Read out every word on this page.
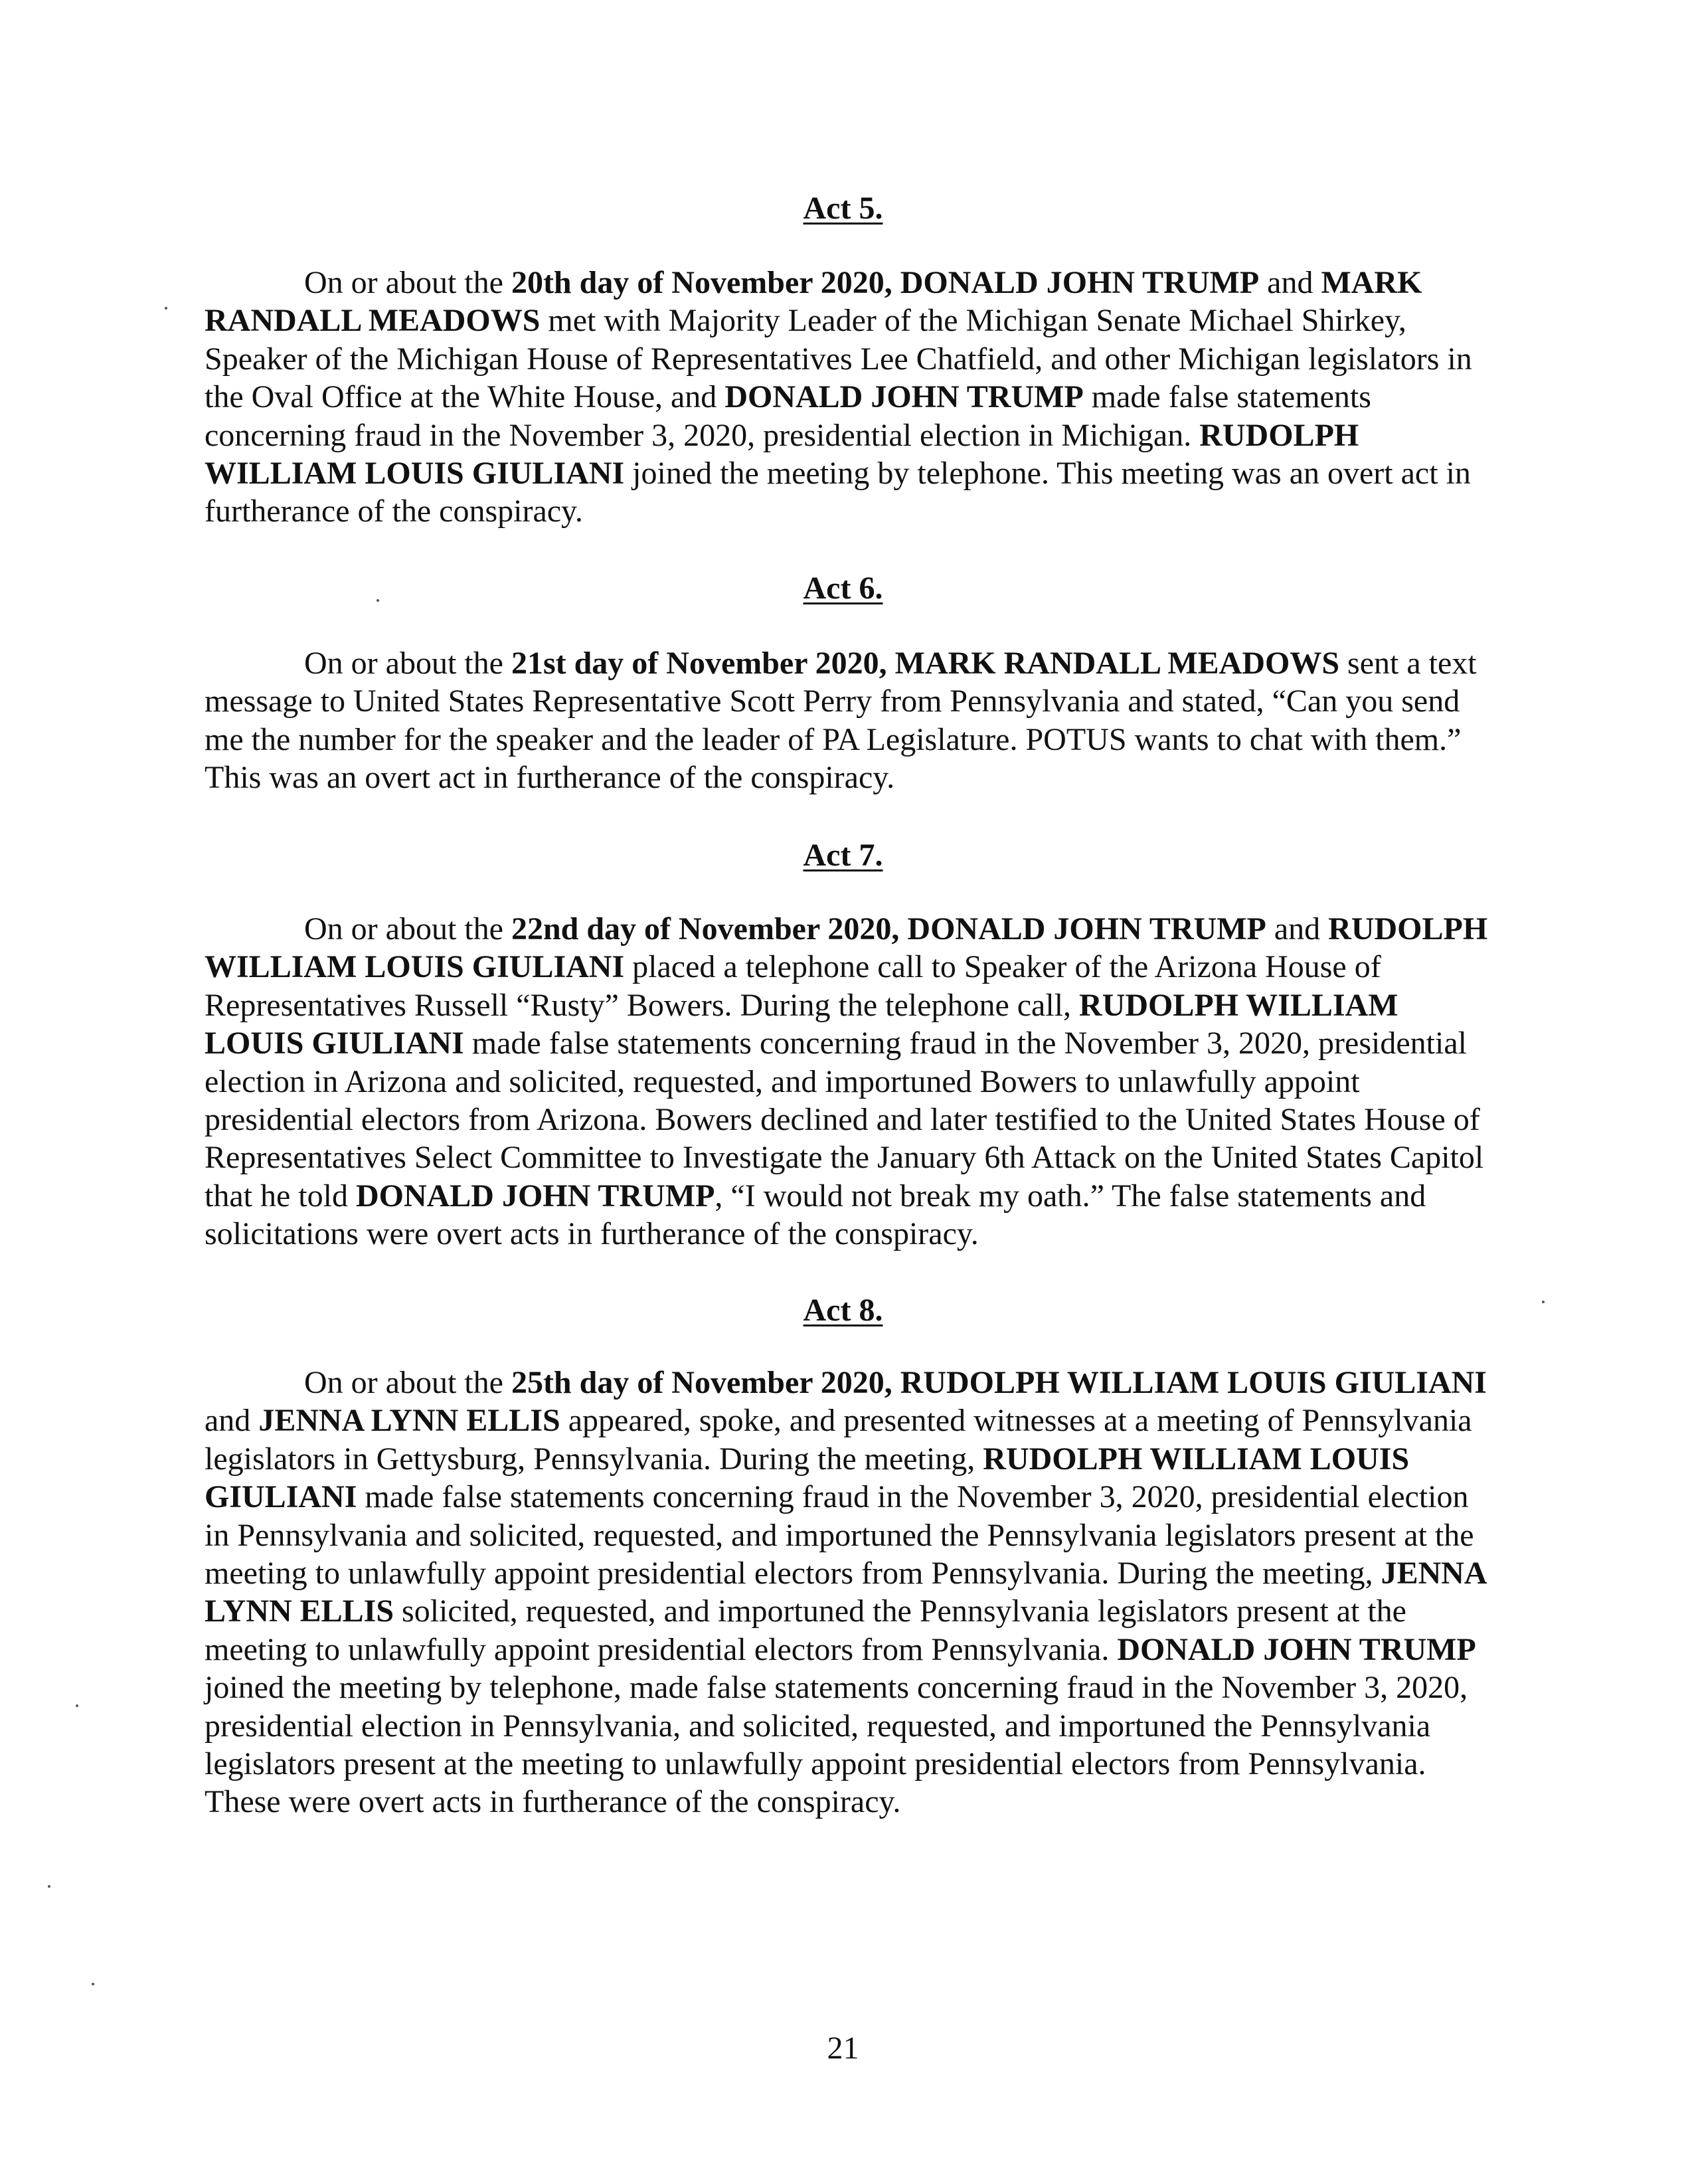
Act 5.
On or about the 20th day of November 2020, DONALD JOHN TRUMP and MARK RANDALL MEADOWS met with Majority Leader of the Michigan Senate Michael Shirkey, Speaker of the Michigan House of Representatives Lee Chatfield, and other Michigan legislators in the Oval Office at the White House, and DONALD JOHN TRUMP made false statements concerning fraud in the November 3, 2020, presidential election in Michigan. RUDOLPH WILLIAM LOUIS GIULIANI joined the meeting by telephone. This meeting was an overt act in furtherance of the conspiracy.
Act 6.
On or about the 21st day of November 2020, MARK RANDALL MEADOWS sent a text message to United States Representative Scott Perry from Pennsylvania and stated, “Can you send me the number for the speaker and the leader of PA Legislature. POTUS wants to chat with them.” This was an overt act in furtherance of the conspiracy.
Act 7.
On or about the 22nd day of November 2020, DONALD JOHN TRUMP and RUDOLPH WILLIAM LOUIS GIULIANI placed a telephone call to Speaker of the Arizona House of Representatives Russell “Rusty” Bowers. During the telephone call, RUDOLPH WILLIAM LOUIS GIULIANI made false statements concerning fraud in the November 3, 2020, presidential election in Arizona and solicited, requested, and importuned Bowers to unlawfully appoint presidential electors from Arizona. Bowers declined and later testified to the United States House of Representatives Select Committee to Investigate the January 6th Attack on the United States Capitol that he told DONALD JOHN TRUMP, “I would not break my oath.” The false statements and solicitations were overt acts in furtherance of the conspiracy.
Act 8.
On or about the 25th day of November 2020, RUDOLPH WILLIAM LOUIS GIULIANI and JENNA LYNN ELLIS appeared, spoke, and presented witnesses at a meeting of Pennsylvania legislators in Gettysburg, Pennsylvania. During the meeting, RUDOLPH WILLIAM LOUIS GIULIANI made false statements concerning fraud in the November 3, 2020, presidential election in Pennsylvania and solicited, requested, and importuned the Pennsylvania legislators present at the meeting to unlawfully appoint presidential electors from Pennsylvania. During the meeting, JENNA LYNN ELLIS solicited, requested, and importuned the Pennsylvania legislators present at the meeting to unlawfully appoint presidential electors from Pennsylvania. DONALD JOHN TRUMP joined the meeting by telephone, made false statements concerning fraud in the November 3, 2020, presidential election in Pennsylvania, and solicited, requested, and importuned the Pennsylvania legislators present at the meeting to unlawfully appoint presidential electors from Pennsylvania. These were overt acts in furtherance of the conspiracy.
21
